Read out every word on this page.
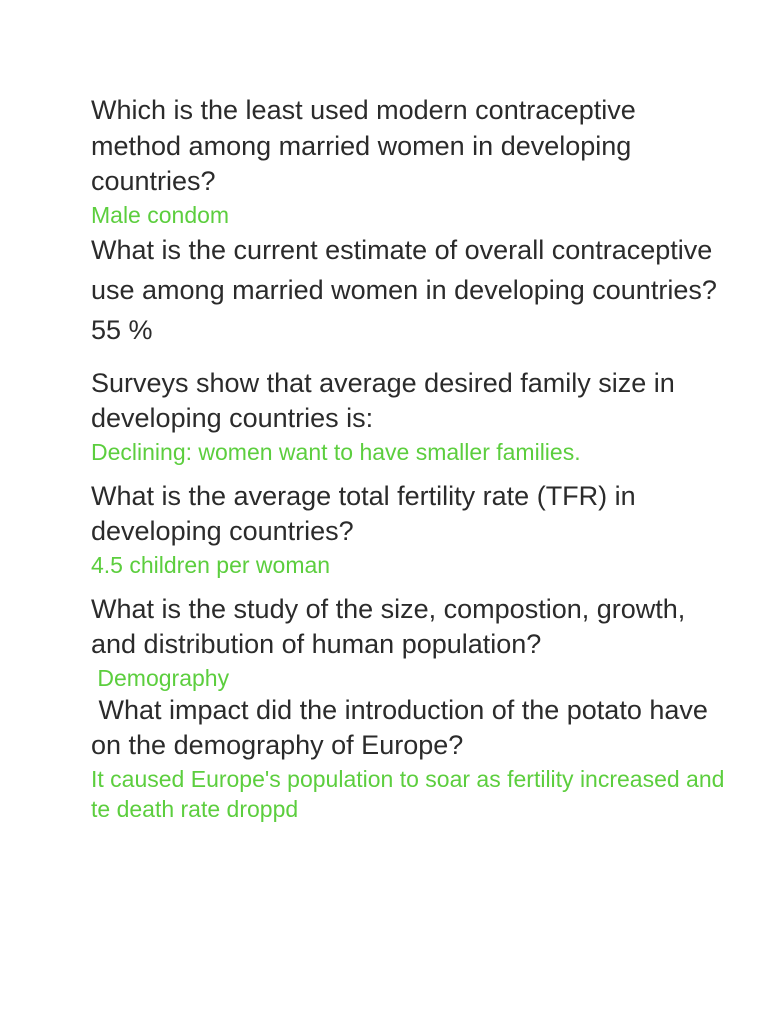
Which is the least used modern contraceptive method among married women in developing countries?

Male condom

What is the current estimate of overall contraceptive use among married women in developing countries? 55 %

Surveys show that average desired family size in developing countries is:

Declining: women want to have smaller families.

What is the average total fertility rate (TFR) in developing countries?

4.5 children per woman

What is the study of the size, compostion, growth, and distribution of human population?

Demography

What impact did the introduction of the potato have on the demography of Europe?

It caused Europe's population to soar as fertility increased and te death rate droppd
